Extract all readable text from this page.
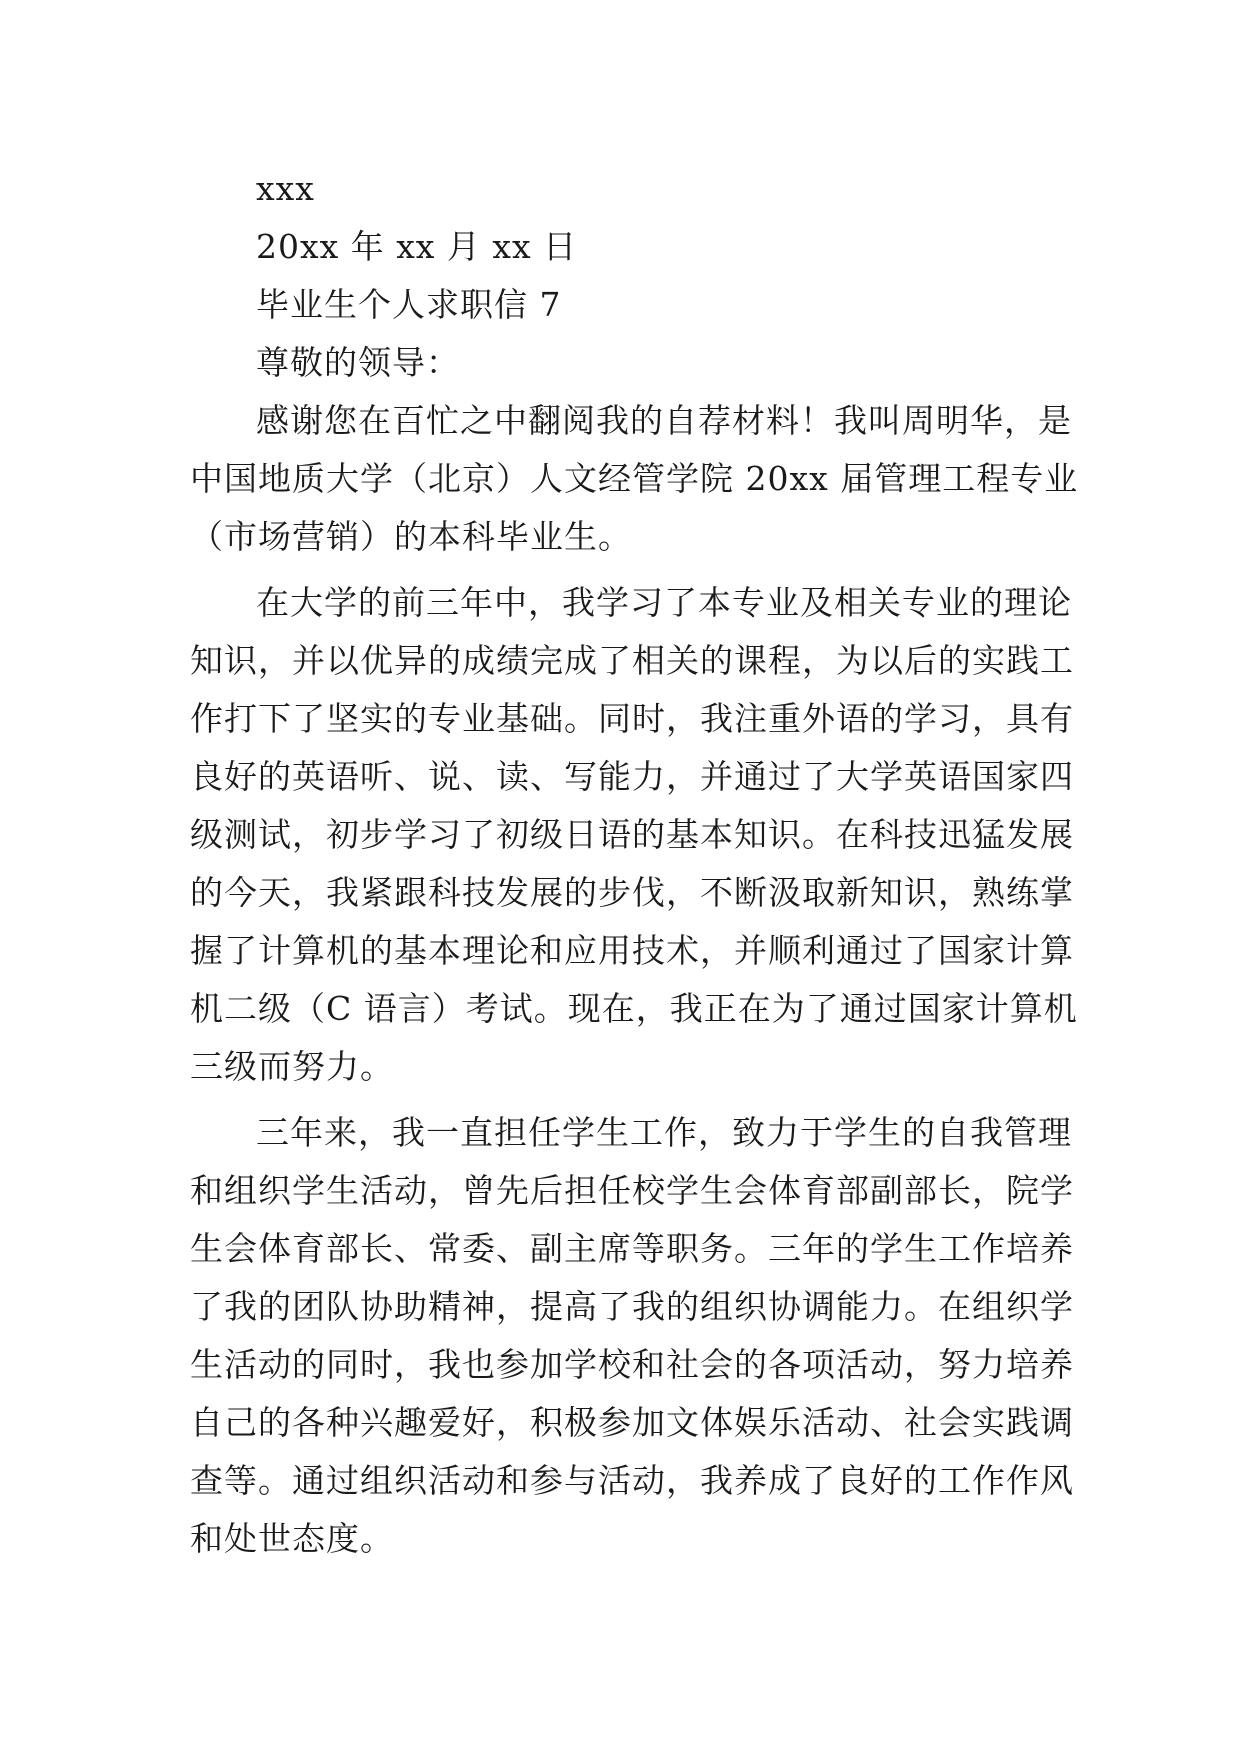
xxx
20xx 年 xx 月 xx 日
毕业生个人求职信 7
尊敬的领导：
感谢您在百忙之中翻阅我的自荐材料！我叫周明华，是
中国地质大学（北京）人文经管学院 20xx 届管理工程专业
（市场营销）的本科毕业生。
在大学的前三年中，我学习了本专业及相关专业的理论
知识，并以优异的成绩完成了相关的课程，为以后的实践工
作打下了坚实的专业基础。同时，我注重外语的学习，具有
良好的英语听、说、读、写能力，并通过了大学英语国家四
级测试，初步学习了初级日语的基本知识。在科技迅猛发展
的今天，我紧跟科技发展的步伐，不断汲取新知识，熟练掌
握了计算机的基本理论和应用技术，并顺利通过了国家计算
机二级（C 语言）考试。现在，我正在为了通过国家计算机
三级而努力。
三年来，我一直担任学生工作，致力于学生的自我管理
和组织学生活动，曾先后担任校学生会体育部副部长，院学
生会体育部长、常委、副主席等职务。三年的学生工作培养
了我的团队协助精神，提高了我的组织协调能力。在组织学
生活动的同时，我也参加学校和社会的各项活动，努力培养
自己的各种兴趣爱好，积极参加文体娱乐活动、社会实践调
查等。通过组织活动和参与活动，我养成了良好的工作作风
和处世态度。
